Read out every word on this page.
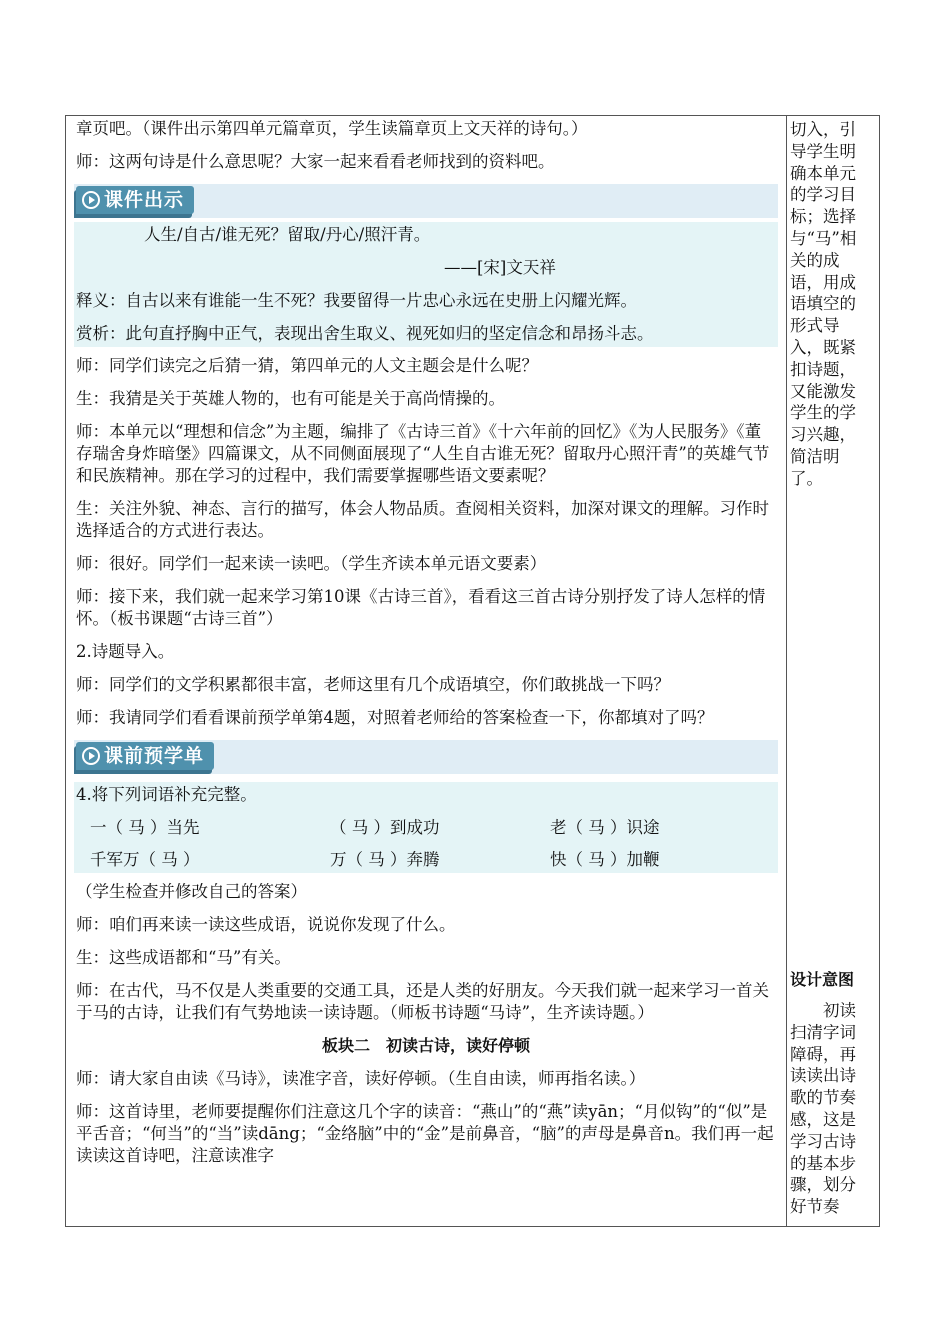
章页吧。（课件出示第四单元篇章页，学生读篇章页上文天祥的诗句。）

师：这两句诗是什么意思呢？大家一起来看看老师找到的资料吧。

课件出示

人生/自古/谁无死？留取/丹心/照汗青。

——[宋]文天祥

释义：自古以来有谁能一生不死？我要留得一片忠心永远在史册上闪耀光辉。

赏析：此句直抒胸中正气，表现出舍生取义、视死如归的坚定信念和昂扬斗志。

师：同学们读完之后猜一猜，第四单元的人文主题会是什么呢？

生：我猜是关于英雄人物的，也有可能是关于高尚情操的。

师：本单元以“理想和信念”为主题，编排了《古诗三首》《十六年前的回忆》《为人民服务》《董存瑞舍身炸暗堡》四篇课文，从不同侧面展现了“人生自古谁无死？留取丹心照汗青”的英雄气节和民族精神。那在学习的过程中，我们需要掌握哪些语文要素呢？

生：关注外貌、神态、言行的描写，体会人物品质。查阅相关资料，加深对课文的理解。习作时选择适合的方式进行表达。

师：很好。同学们一起来读一读吧。（学生齐读本单元语文要素）

师：接下来，我们就一起来学习第10课《古诗三首》，看看这三首古诗分别抒发了诗人怎样的情怀。（板书课题“古诗三首”）

2.诗题导入。

师：同学们的文学积累都很丰富，老师这里有几个成语填空，你们敢挑战一下吗？

师：我请同学们看看课前预学单第4题，对照着老师给的答案检查一下，你都填对了吗？

课前预学单

4.将下列词语补充完整。

一（ 马 ）当先	（ 马 ）到成功	老（ 马 ）识途
千军万（ 马 ）	万（ 马 ）奔腾	快（ 马 ）加鞭

（学生检查并修改自己的答案）

师：咱们再来读一读这些成语，说说你发现了什么。

生：这些成语都和“马”有关。

师：在古代，马不仅是人类重要的交通工具，还是人类的好朋友。今天我们就一起来学习一首关于马的古诗，让我们有气势地读一读诗题。（师板书诗题“马诗”，生齐读诗题。）

板块二　初读古诗，读好停顿

师：请大家自由读《马诗》，读准字音，读好停顿。（生自由读，师再指名读。）

师：这首诗里，老师要提醒你们注意这几个字的读音：“燕山”的“燕”读yān；“月似钩”的“似”是平舌音；“何当”的“当”读dāng；“金络脑”中的“金”是前鼻音，“脑”的声母是鼻音n。我们再一起读读这首诗吧，注意读准字

切入，引导学生明确本单元的学习目标；选择与“马”相关的成语，用成语填空的形式导入，既紧扣诗题，又能激发学生的学习兴趣，简洁明了。

设计意图

初读扫清字词障碍，再读读出诗歌的节奏感，这是学习古诗的基本步骤，划分好节奏
